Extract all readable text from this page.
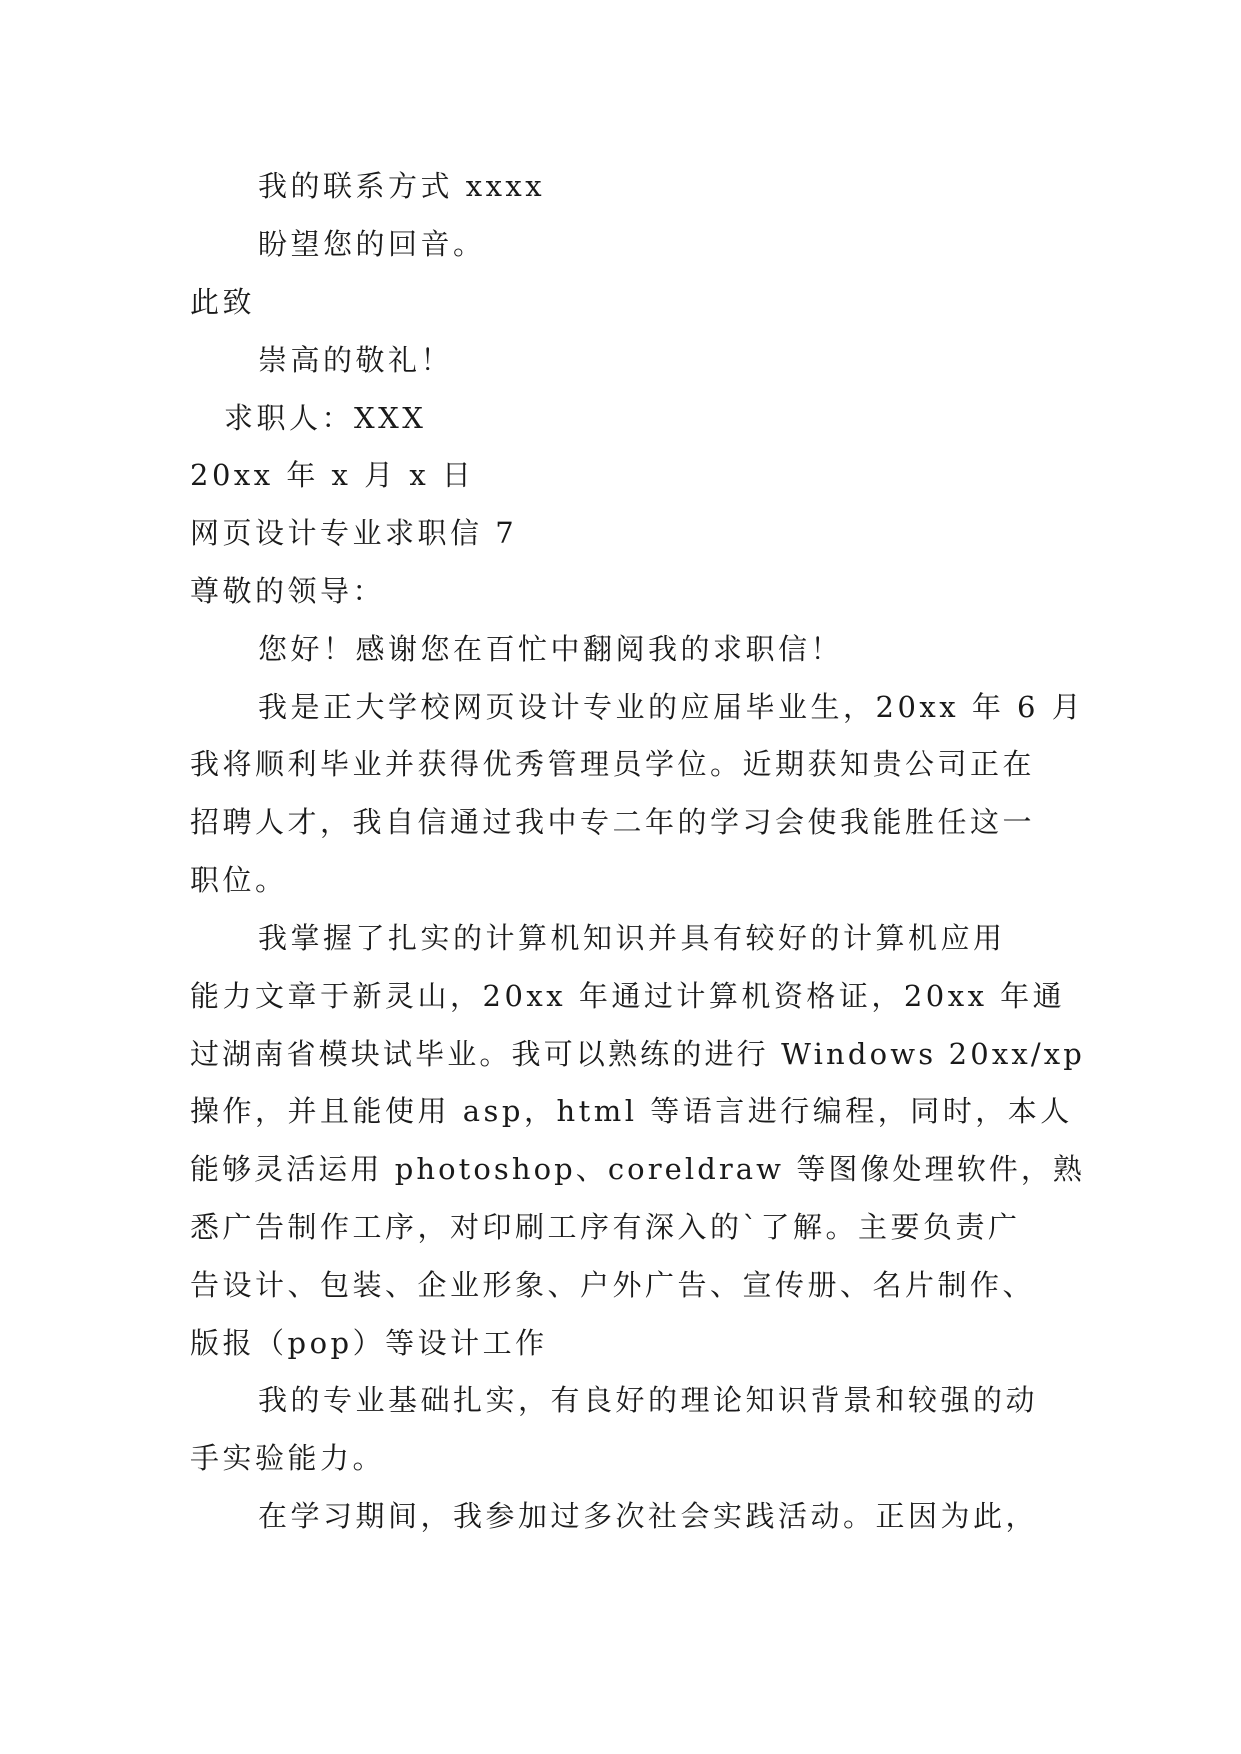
我的联系方式 xxxx
盼望您的回音。
此致
崇高的敬礼！
求职人：XXX
20xx 年 x 月 x 日
网页设计专业求职信 7
尊敬的领导：
您好！感谢您在百忙中翻阅我的求职信！
我是正大学校网页设计专业的应届毕业生，20xx 年 6 月
我将顺利毕业并获得优秀管理员学位。近期获知贵公司正在
招聘人才，我自信通过我中专二年的学习会使我能胜任这一
职位。
我掌握了扎实的计算机知识并具有较好的计算机应用
能力文章于新灵山，20xx 年通过计算机资格证，20xx 年通
过湖南省模块试毕业。我可以熟练的进行 Windows 20xx/xp
操作，并且能使用 asp，html 等语言进行编程，同时，本人
能够灵活运用 photoshop、coreldraw 等图像处理软件，熟
悉广告制作工序，对印刷工序有深入的`了解。主要负责广
告设计、包装、企业形象、户外广告、宣传册、名片制作、
版报（pop）等设计工作
我的专业基础扎实，有良好的理论知识背景和较强的动
手实验能力。
在学习期间，我参加过多次社会实践活动。正因为此，
